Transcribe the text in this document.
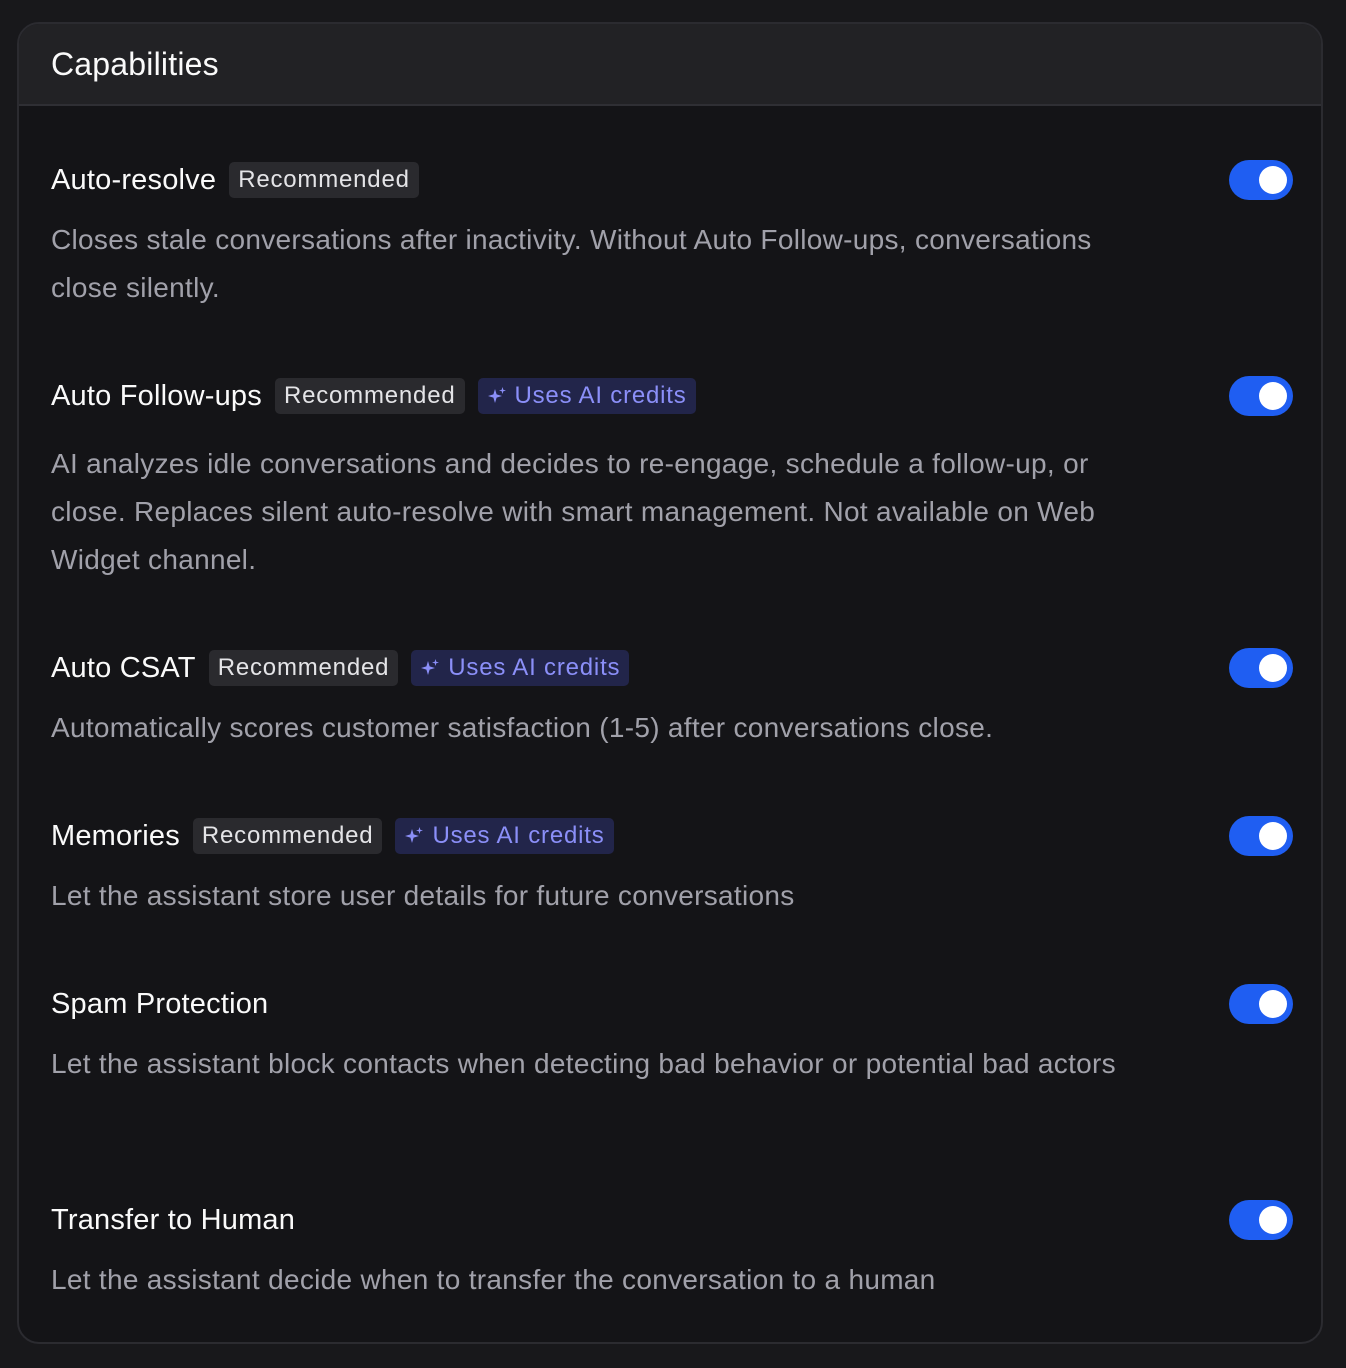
Capabilities
Auto-resolve Recommended
Closes stale conversations after inactivity. Without Auto Follow-ups, conversations close silently.
Auto Follow-ups Recommended	Uses AI credits
AI analyzes idle conversations and decides to re-engage, schedule a follow-up, or close. Replaces silent auto-resolve with smart management. Not available on Web Widget channel.
Auto CSAT Recommended	Uses AI credits
Automatically scores customer satisfaction (1-5) after conversations close.
Memories Recommended	Uses AI credits
Let the assistant store user details for future conversations
Spam Protection
Let the assistant block contacts when detecting bad behavior or potential bad actors
Transfer to Human
Let the assistant decide when to transfer the conversation to a human
